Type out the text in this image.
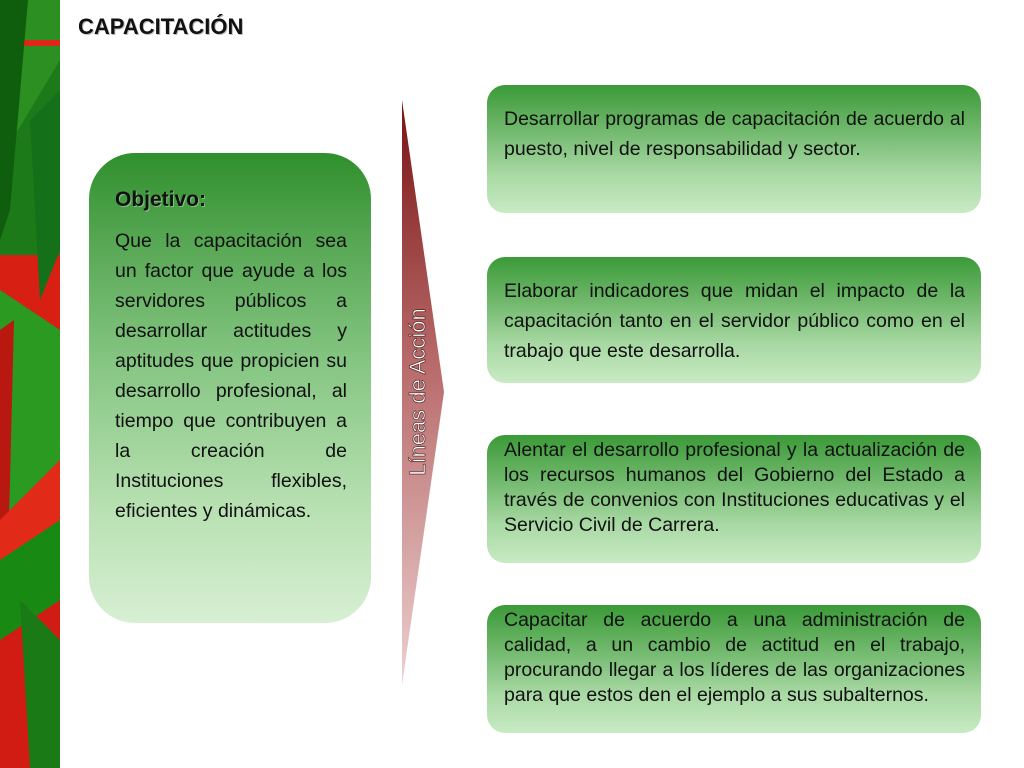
CAPACITACIÓN
Objetivo:

Que la capacitación sea un factor que ayude a los servidores públicos a desarrollar actitudes y aptitudes que propicien su desarrollo profesional, al tiempo que contribuyen a la creación de Instituciones flexibles, eficientes y dinámicas.

Líneas de Acción
Desarrollar programas de capacitación de acuerdo al puesto, nivel de responsabilidad y sector.
Elaborar indicadores que midan el impacto de la capacitación tanto en el servidor público como en el trabajo que este desarrolla.
Alentar el desarrollo profesional y la actualización de los recursos humanos del Gobierno del Estado a través de convenios con Instituciones educativas y el Servicio Civil de Carrera.
Capacitar de acuerdo a una administración de calidad, a un cambio de actitud en el trabajo, procurando llegar a los líderes de las organizaciones para que estos den el ejemplo a sus subalternos.
